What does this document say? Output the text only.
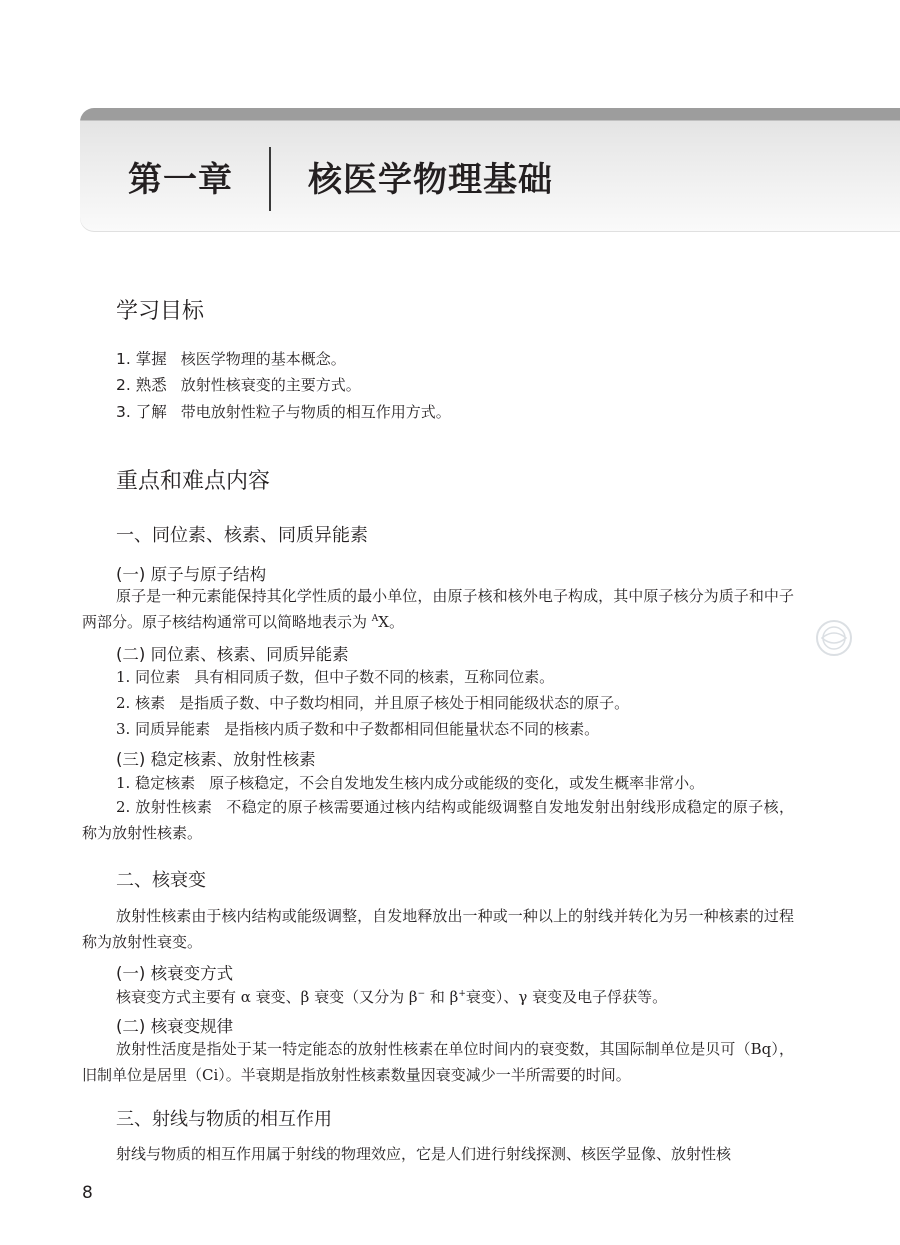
第一章 核医学物理基础
学习目标
1. 掌握 核医学物理的基本概念。
2. 熟悉 放射性核衰变的主要方式。
3. 了解 带电放射性粒子与物质的相互作用方式。
重点和难点内容
一、同位素、核素、同质异能素
(一) 原子与原子结构
原子是一种元素能保持其化学性质的最小单位，由原子核和核外电子构成，其中原子核分为质子和中子两部分。原子核结构通常可以简略地表示为 $^A$X。
(二) 同位素、核素、同质异能素
1. 同位素 具有相同质子数，但中子数不同的核素，互称同位素。
2. 核素 是指质子数、中子数均相同，并且原子核处于相同能级状态的原子。
3. 同质异能素 是指核内质子数和中子数都相同但能量状态不同的核素。
(三) 稳定核素、放射性核素
1. 稳定核素 原子核稳定，不会自发地发生核内成分或能级的变化，或发生概率非常小。
2. 放射性核素 不稳定的原子核需要通过核内结构或能级调整自发地发射出射线形成稳定的原子核，称为放射性核素。
二、核衰变
放射性核素由于核内结构或能级调整，自发地释放出一种或一种以上的射线并转化为另一种核素的过程称为放射性衰变。
(一) 核衰变方式
核衰变方式主要有 α 衰变、β 衰变（又分为 β− 和 β+衰变）、γ 衰变及电子俘获等。
(二) 核衰变规律
放射性活度是指处于某一特定能态的放射性核素在单位时间内的衰变数，其国际制单位是贝可（Bq），旧制单位是居里（Ci）。半衰期是指放射性核素数量因衰变减少一半所需要的时间。
三、射线与物质的相互作用
射线与物质的相互作用属于射线的物理效应，它是人们进行射线探测、核医学显像、放射性核
8
